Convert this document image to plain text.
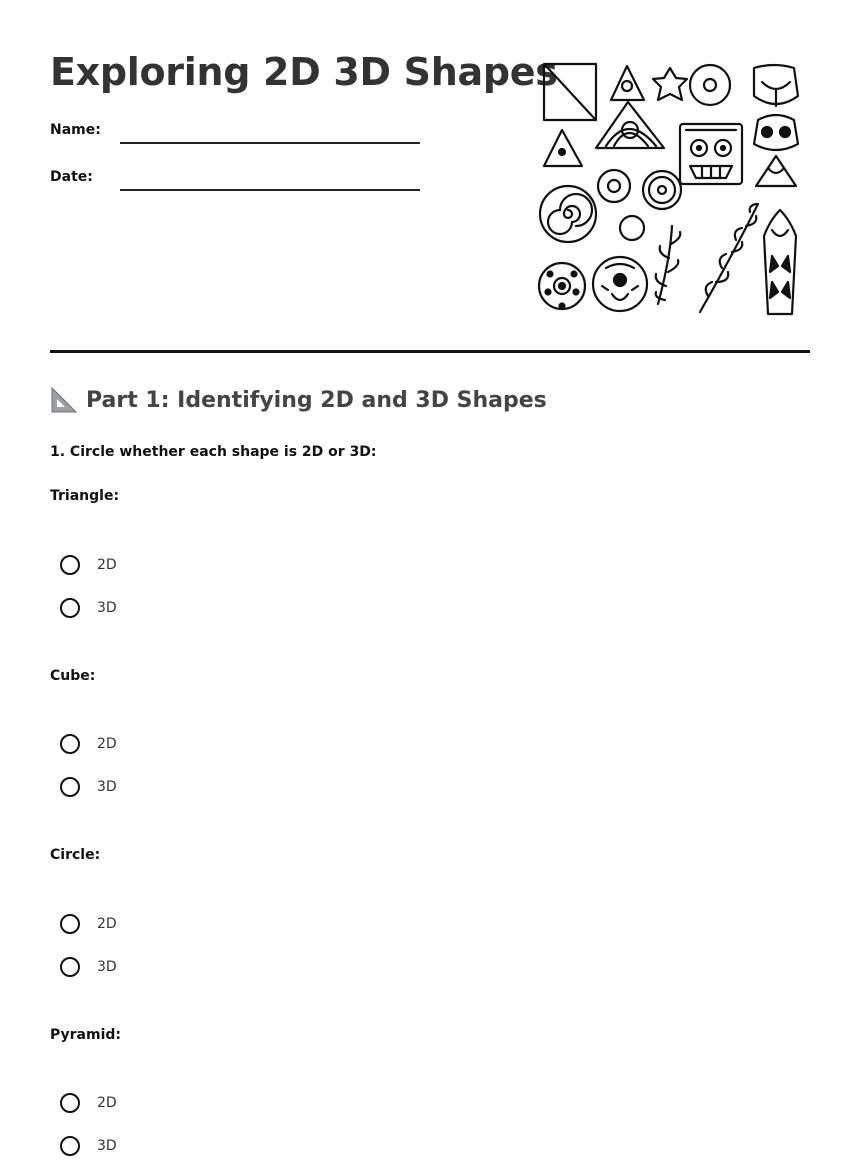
Exploring 2D 3D Shapes
Name:
Date:
Part 1: Identifying 2D and 3D Shapes
1. Circle whether each shape is 2D or 3D:
Triangle:
2D
3D
Cube:
2D
3D
Circle:
2D
3D
Pyramid:
2D
3D
